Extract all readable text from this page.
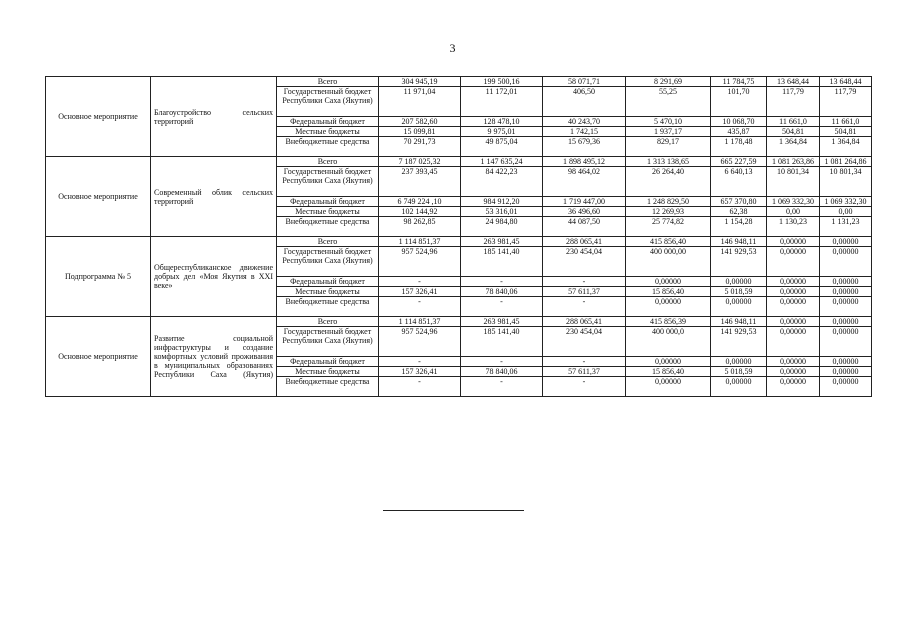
3
Основное мероприятие	Благоустройство сельских территорий	Всего	304 945,19	199 500,16	58 071,71	8 291,69	11 784,75	13 648,44	13 648,44
		Государственный бюджет Республики Саха (Якутия)	11 971,04	11 172,01	406,50	55,25	101,70	117,79	117,79
		Федеральный бюджет	207 582,60	128 478,10	40 243,70	5 470,10	10 068,70	11 661,0	11 661,0
		Местные бюджеты	15 099,81	9 975,01	1 742,15	1 937,17	435,87	504,81	504,81
		Внебюджетные средства	70 291,73	49 875,04	15 679,36	829,17	1 178,48	1 364,84	1 364,84
Основное мероприятие	Современный облик сельских территорий	Всего	7 187 025,32	1 147 635,24	1 898 495,12	1 313 138,65	665 227,59	1 081 263,86	1 081 264,86
		Государственный бюджет Республики Саха (Якутия)	237 393,45	84 422,23	98 464,02	26 264,40	6 640,13	10 801,34	10 801,34
		Федеральный бюджет	6 749 224 ,10	984 912,20	1 719 447,00	1 248 829,50	657 370,80	1 069 332,30	1 069 332,30
		Местные бюджеты	102 144,92	53 316,01	36 496,60	12 269,93	62,38	0,00	0,00
		Внебюджетные средства	98 262,85	24 984,80	44 087,50	25 774,82	1 154,28	1 130,23	1 131,23
Подпрограмма № 5	Общереспубликанское движение добрых дел «Моя Якутия в XXI веке»	Всего	1 114 851,37	263 981,45	288 065,41	415 856,40	146 948,11	0,00000	0,00000
		Государственный бюджет Республики Саха (Якутия)	957 524,96	185 141,40	230 454,04	400 000,00	141 929,53	0,00000	0,00000
		Федеральный бюджет	-	-	-	0,00000	0,00000	0,00000	0,00000
		Местные бюджеты	157 326,41	78 840,06	57 611,37	15 856,40	5 018,59	0,00000	0,00000
		Внебюджетные средства	-	-	-	0,00000	0,00000	0,00000	0,00000
Основное мероприятие	Развитие социальной инфраструктуры и создание комфортных условий проживания в муниципальных образованиях Республики Саха (Якутия)	Всего	1 114 851,37	263 981,45	288 065,41	415 856,39	146 948,11	0,00000	0,00000
		Государственный бюджет Республики Саха (Якутия)	957 524,96	185 141,40	230 454,04	400 000,0	141 929,53	0,00000	0,00000
		Федеральный бюджет	-	-	-	0,00000	0,00000	0,00000	0,00000
		Местные бюджеты	157 326,41	78 840,06	57 611,37	15 856,40	5 018,59	0,00000	0,00000
		Внебюджетные средства	-	-	-	0,00000	0,00000	0,00000	0,00000
